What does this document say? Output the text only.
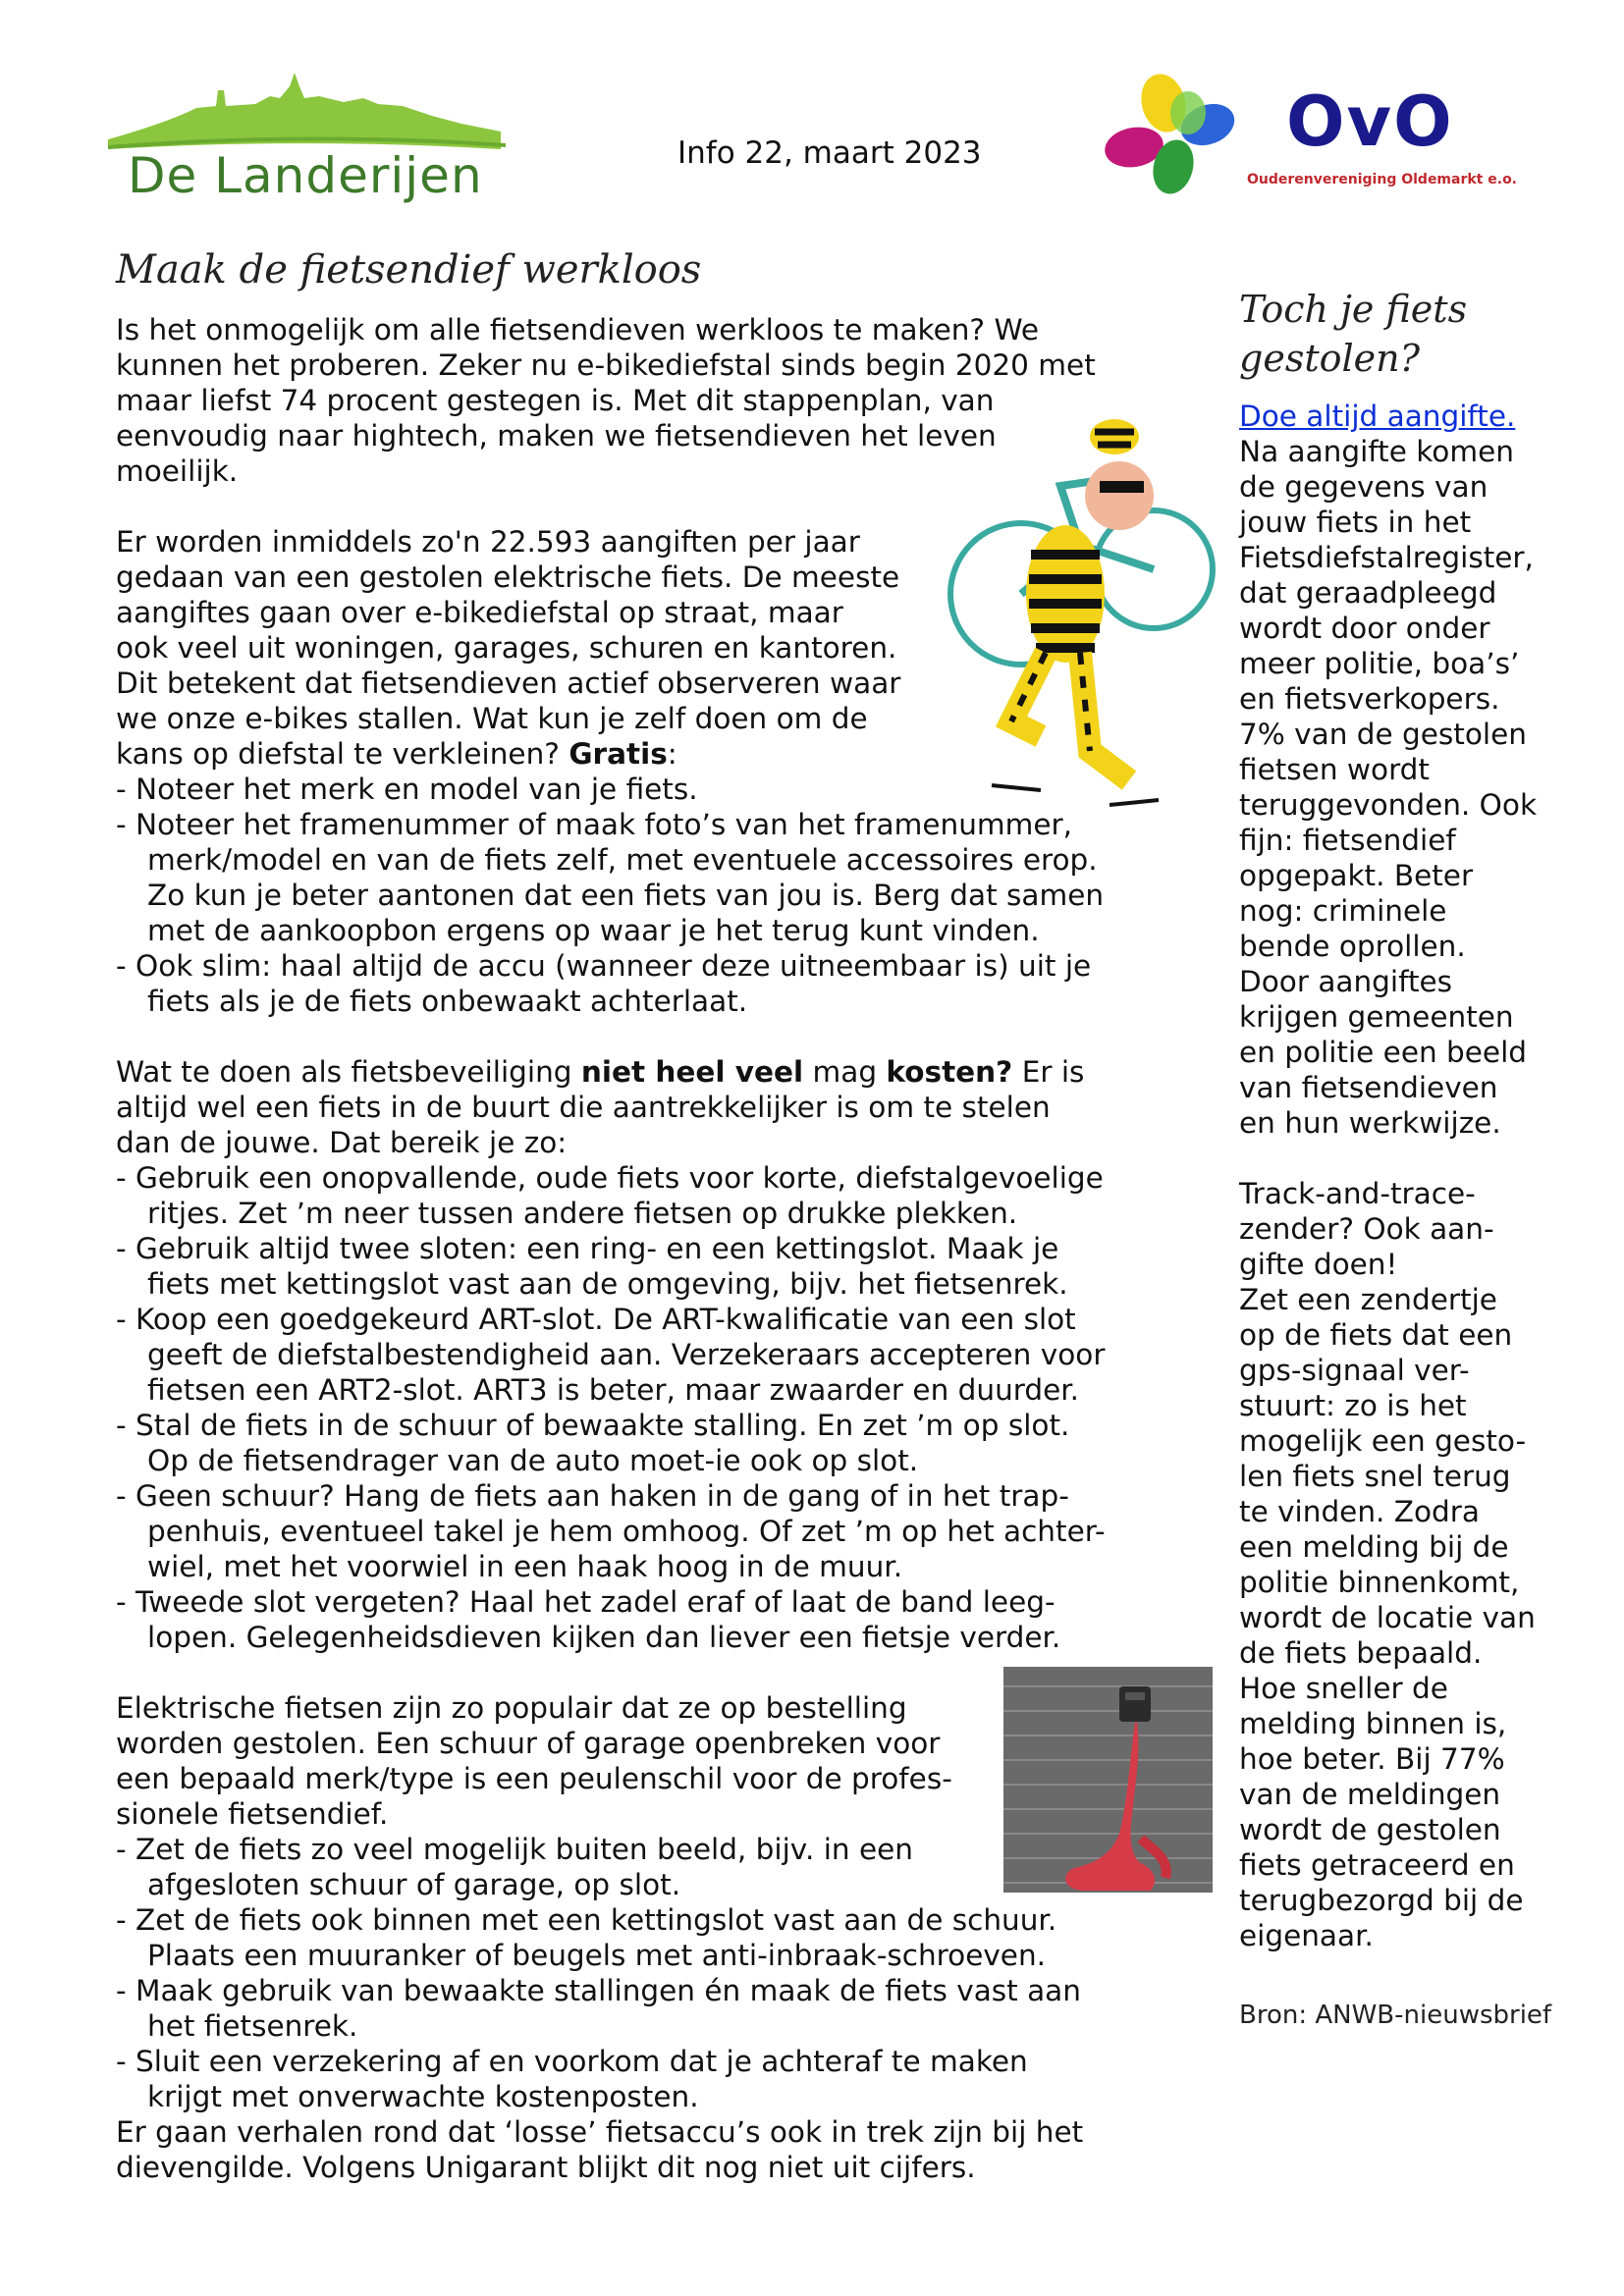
De Landerijen	Info 22, maart 2023	OvO
Ouderenvereniging Oldemarkt e.o.
Maak de fietsendief werkloos
Is het onmogelijk om alle fietsendieven werkloos te maken? We
kunnen het proberen. Zeker nu e-bikediefstal sinds begin 2020 met
maar liefst 74 procent gestegen is. Met dit stappenplan, van
eenvoudig naar hightech, maken we fietsendieven het leven
moeilijk.
Er worden inmiddels zo'n 22.593 aangiften per jaar
gedaan van een gestolen elektrische fiets. De meeste
aangiftes gaan over e-bikediefstal op straat, maar
ook veel uit woningen, garages, schuren en kantoren.
Dit betekent dat fietsendieven actief observeren waar
we onze e-bikes stallen. Wat kun je zelf doen om de
kans op diefstal te verkleinen? Gratis:
- Noteer het merk en model van je fiets.
- Noteer het framenummer of maak foto’s van het framenummer,
merk/model en van de fiets zelf, met eventuele accessoires erop.
Zo kun je beter aantonen dat een fiets van jou is. Berg dat samen
met de aankoopbon ergens op waar je het terug kunt vinden.
- Ook slim: haal altijd de accu (wanneer deze uitneembaar is) uit je
fiets als je de fiets onbewaakt achterlaat.
Wat te doen als fietsbeveiliging niet heel veel mag kosten? Er is
altijd wel een fiets in de buurt die aantrekkelijker is om te stelen
dan de jouwe. Dat bereik je zo:
- Gebruik een onopvallende, oude fiets voor korte, diefstalgevoelige
ritjes. Zet ’m neer tussen andere fietsen op drukke plekken.
- Gebruik altijd twee sloten: een ring- en een kettingslot. Maak je
fiets met kettingslot vast aan de omgeving, bijv. het fietsenrek.
- Koop een goedgekeurd ART-slot. De ART-kwalificatie van een slot
geeft de diefstalbestendigheid aan. Verzekeraars accepteren voor
fietsen een ART2-slot. ART3 is beter, maar zwaarder en duurder.
- Stal de fiets in de schuur of bewaakte stalling. En zet ’m op slot.
Op de fietsendrager van de auto moet-ie ook op slot.
- Geen schuur? Hang de fiets aan haken in de gang of in het trap-
penhuis, eventueel takel je hem omhoog. Of zet ’m op het achter-
wiel, met het voorwiel in een haak hoog in de muur.
- Tweede slot vergeten? Haal het zadel eraf of laat de band leeg-
lopen. Gelegenheidsdieven kijken dan liever een fietsje verder.
Elektrische fietsen zijn zo populair dat ze op bestelling
worden gestolen. Een schuur of garage openbreken voor
een bepaald merk/type is een peulenschil voor de profes-
sionele fietsendief.
- Zet de fiets zo veel mogelijk buiten beeld, bijv. in een
afgesloten schuur of garage, op slot.
- Zet de fiets ook binnen met een kettingslot vast aan de schuur.
Plaats een muuranker of beugels met anti-inbraak-schroeven.
- Maak gebruik van bewaakte stallingen én maak de fiets vast aan
het fietsenrek.
- Sluit een verzekering af en voorkom dat je achteraf te maken
krijgt met onverwachte kostenposten.
Er gaan verhalen rond dat ‘losse’ fietsaccu’s ook in trek zijn bij het
dievengilde. Volgens Unigarant blijkt dit nog niet uit cijfers.
Toch je fiets
gestolen?
Doe altijd aangifte.
Na aangifte komen
de gegevens van
jouw fiets in het
Fietsdiefstalregister,
dat geraadpleegd
wordt door onder
meer politie, boa’s’
en fietsverkopers.
7% van de gestolen
fietsen wordt
teruggevonden. Ook
fijn: fietsendief
opgepakt. Beter
nog: criminele
bende oprollen.
Door aangiftes
krijgen gemeenten
en politie een beeld
van fietsendieven
en hun werkwijze.
Track-and-trace-
zender? Ook aan-
gifte doen!
Zet een zendertje
op de fiets dat een
gps-signaal ver-
stuurt: zo is het
mogelijk een gesto-
len fiets snel terug
te vinden. Zodra
een melding bij de
politie binnenkomt,
wordt de locatie van
de fiets bepaald.
Hoe sneller de
melding binnen is,
hoe beter. Bij 77%
van de meldingen
wordt de gestolen
fiets getraceerd en
terugbezorgd bij de
eigenaar.
Bron: ANWB-nieuwsbrief
